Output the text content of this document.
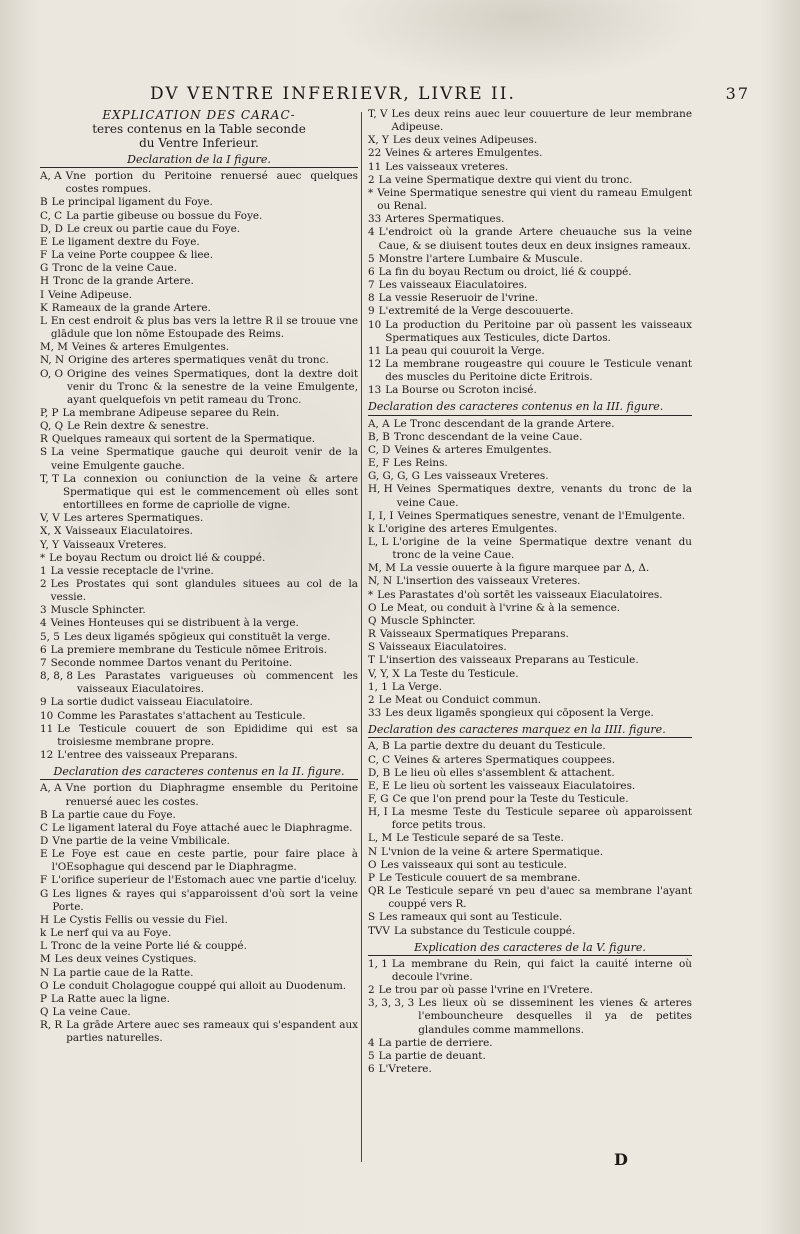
DV VENTRE INFERIEVR, LIVRE II.	37
EXPLICATION DES CARAC-
teres contenus en la Table seconde
du Ventre Inferieur.
Declaration de la I figure.
A, A Vne portion du Peritoine renuersé auec quelques costes rompues.
B Le principal ligament du Foye.
C, C La partie gibeuse ou bossue du Foye.
D, D Le creux ou partie caue du Foye.
E Le ligament dextre du Foye.
F La veine Porte couppee & liee.
G Tronc de la veine Caue.
H Tronc de la grande Artere.
I Veine Adipeuse.
K Rameaux de la grande Artere.
L En cest endroit & plus bas vers la lettre R il se trouue vne glādule que lon nōme Estoupade des Reims.
M, M Veines & arteres Emulgentes.
N, N Origine des arteres spermatiques venāt du tronc.
O, O Origine des veines Spermatiques, dont la dextre doit venir du Tronc & la senestre de la veine Emulgente, ayant quelquefois vn petit rameau du Tronc.
P, P La membrane Adipeuse separee du Rein.
Q, Q Le Rein dextre & senestre.
R Quelques rameaux qui sortent de la Spermatique.
S La veine Spermatique gauche qui deuroit venir de la veine Emulgente gauche.
T, T La connexion ou coniunction de la veine & artere Spermatique qui est le commencement où elles sont entortillees en forme de capriolle de vigne.
V, V Les arteres Spermatiques.
X, X Vaisseaux Eiaculatoires.
Y, Y Vaisseaux Vreteres.
* Le boyau Rectum ou droict lié & couppé.
1 La vessie receptacle de l'vrine.
2 Les Prostates qui sont glandules situees au col de la vessie.
3 Muscle Sphincter.
4 Veines Honteuses qui se distribuent à la verge.
5, 5 Les deux ligamés spōgieux qui constituēt la verge.
6 La premiere membrane du Testicule nōmee Eritrois.
7 Seconde nommee Dartos venant du Peritoine.
8, 8, 8 Les Parastates varigueuses où commencent les vaisseaux Eiaculatoires.
9 La sortie dudict vaisseau Eiaculatoire.
10 Comme les Parastates s'attachent au Testicule.
11 Le Testicule couuert de son Epididime qui est sa troisiesme membrane propre.
12 L'entree des vaisseaux Preparans.
Declaration des caracteres contenus en la II. figure.
A, A Vne portion du Diaphragme ensemble du Peritoine renuersé auec les costes.
B La partie caue du Foye.
C Le ligament lateral du Foye attaché auec le Diaphragme.
D Vne partie de la veine Vmbilicale.
E Le Foye est caue en ceste partie, pour faire place à l'OEsophague qui descend par le Diaphragme.
F L'orifice superieur de l'Estomach auec vne partie d'iceluy.
G Les lignes & rayes qui s'apparoissent d'où sort la veine Porte.
H Le Cystis Fellis ou vessie du Fiel.
k Le nerf qui va au Foye.
L Tronc de la veine Porte lié & couppé.
M Les deux veines Cystiques.
N La partie caue de la Ratte.
O Le conduit Cholagogue couppé qui alloit au Duodenum.
P La Ratte auec la ligne.
Q La veine Caue.
R, R La grāde Artere auec ses rameaux qui s'espandent aux parties naturelles.
T, V Les deux reins auec leur couuerture de leur membrane Adipeuse.
X, Y Les deux veines Adipeuses.
22 Veines & arteres Emulgentes.
11 Les vaisseaux vreteres.
2 La veine Spermatique dextre qui vient du tronc.
* Veine Spermatique senestre qui vient du rameau Emulgent ou Renal.
33 Arteres Spermatiques.
4 L'endroict où la grande Artere cheuauche sus la veine Caue, & se diuisent toutes deux en deux insignes rameaux.
5 Monstre l'artere Lumbaire & Muscule.
6 La fin du boyau Rectum ou droict, lié & couppé.
7 Les vaisseaux Eiaculatoires.
8 La vessie Reseruoir de l'vrine.
9 L'extremité de la Verge descouuerte.
10 La production du Peritoine par où passent les vaisseaux Spermatiques aux Testicules, dicte Dartos.
11 La peau qui couuroit la Verge.
12 La membrane rougeastre qui couure le Testicule venant des muscles du Peritoine dicte Eritrois.
13 La Bourse ou Scroton incisé.
Declaration des caracteres contenus en la III. figure.
A, A Le Tronc descendant de la grande Artere.
B, B Tronc descendant de la veine Caue.
C, D Veines & arteres Emulgentes.
E, F Les Reins.
G, G, G, G Les vaisseaux Vreteres.
H, H Veines Spermatiques dextre, venants du tronc de la veine Caue.
I, I, I Veines Spermatiques senestre, venant de l'Emulgente.
k L'origine des arteres Emulgentes.
L, L L'origine de la veine Spermatique dextre venant du tronc de la veine Caue.
M, M La vessie ouuerte à la figure marquee par Δ, Δ.
N, N L'insertion des vaisseaux Vreteres.
* Les Parastates d'où sortēt les vaisseaux Eiaculatoires.
O Le Meat, ou conduit à l'vrine & à la semence.
Q Muscle Sphincter.
R Vaisseaux Spermatiques Preparans.
S Vaisseaux Eiaculatoires.
T L'insertion des vaisseaux Preparans au Testicule.
V, Y, X La Teste du Testicule.
1, 1 La Verge.
2 Le Meat ou Conduict commun.
33 Les deux ligamēs spongieux qui cōposent la Verge.
Declaration des caracteres marquez en la IIII. figure.
A, B La partie dextre du deuant du Testicule.
C, C Veines & arteres Spermatiques couppees.
D, B Le lieu où elles s'assemblent & attachent.
E, E Le lieu où sortent les vaisseaux Eiaculatoires.
F, G Ce que l'on prend pour la Teste du Testicule.
H, I La mesme Teste du Testicule separee où apparoissent force petits trous.
L, M Le Testicule separé de sa Teste.
N L'vnion de la veine & artere Spermatique.
O Les vaisseaux qui sont au testicule.
P Le Testicule couuert de sa membrane.
QR Le Testicule separé vn peu d'auec sa membrane l'ayant couppé vers R.
S Les rameaux qui sont au Testicule.
TVV La substance du Testicule couppé.
Explication des caracteres de la V. figure.
1, 1 La membrane du Rein, qui faict la cauité interne où decoule l'vrine.
2 Le trou par où passe l'vrine en l'Vretere.
3, 3, 3, 3 Les lieux où se disseminent les vienes & arteres l'embouncheure desquelles il ya de petites glandules comme mammellons.
4 La partie de derriere.
5 La partie de deuant.
6 L'Vretere.
D
